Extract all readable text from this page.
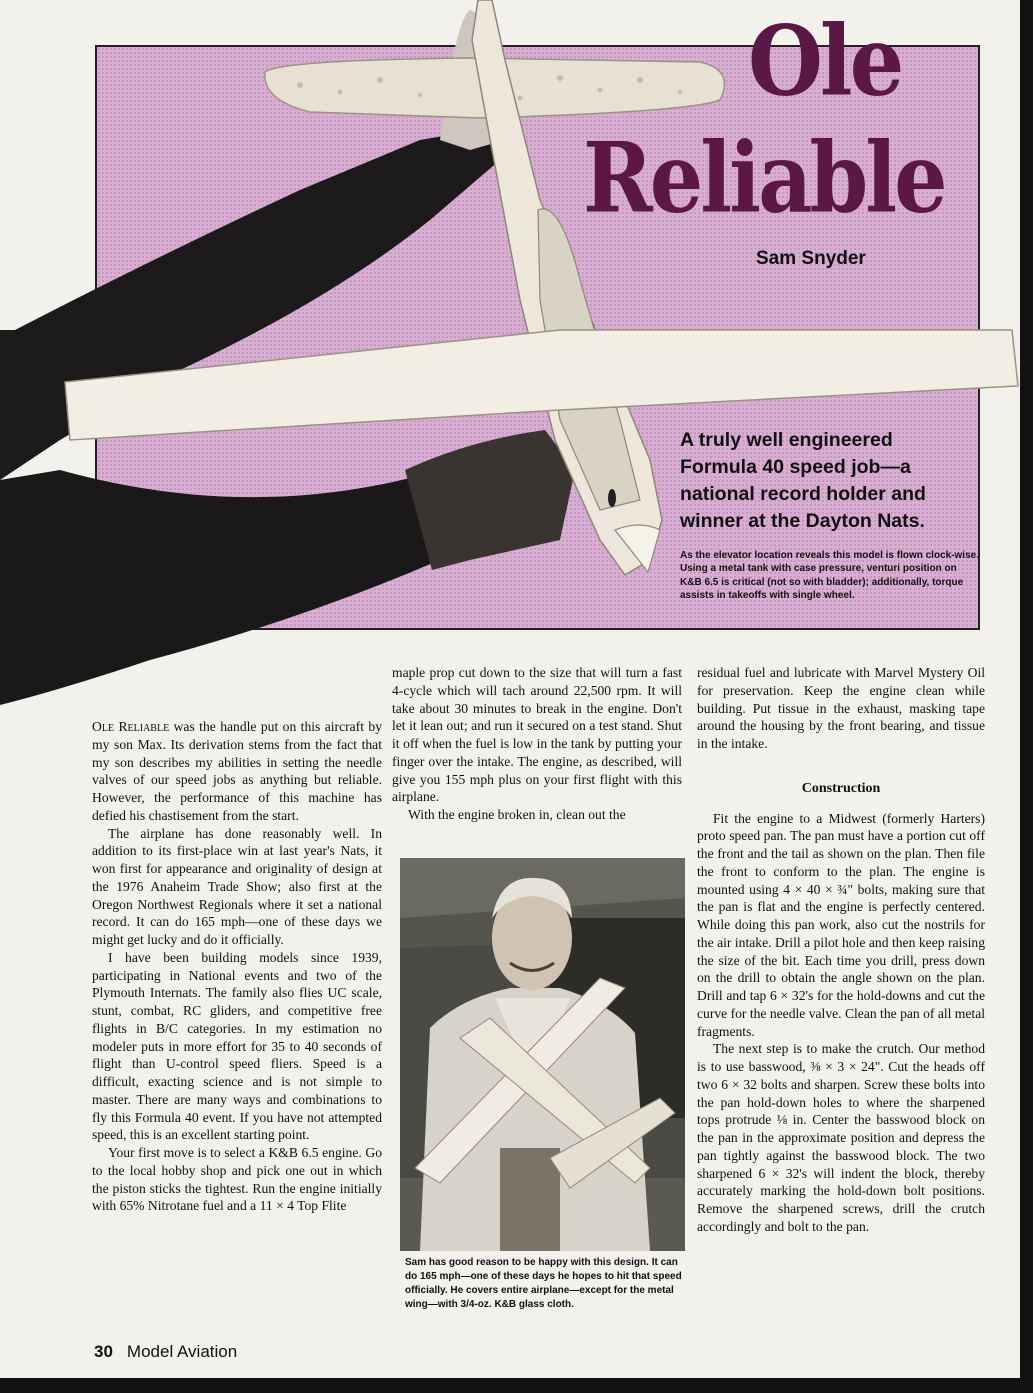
Ole
Reliable
Sam Snyder
A truly well engineered Formula 40 speed job—a national record holder and winner at the Dayton Nats.
As the elevator location reveals this model is flown clock-wise. Using a metal tank with case pressure, venturi position on K&B 6.5 is critical (not so with bladder); additionally, torque assists in takeoffs with single wheel.

Ole Reliable was the handle put on this aircraft by my son Max. Its derivation stems from the fact that my son describes my abilities in setting the needle valves of our speed jobs as anything but reliable. However, the performance of this machine has defied his chastisement from the start.

The airplane has done reasonably well. In addition to its first-place win at last year's Nats, it won first for appearance and originality of design at the 1976 Anaheim Trade Show; also first at the Oregon Northwest Regionals where it set a national record. It can do 165 mph—one of these days we might get lucky and do it officially.

I have been building models since 1939, participating in National events and two of the Plymouth Internats. The family also flies UC scale, stunt, combat, RC gliders, and competitive free flights in B/C categories. In my estimation no modeler puts in more effort for 35 to 40 seconds of flight than U-control speed fliers. Speed is a difficult, exacting science and is not simple to master. There are many ways and combinations to fly this Formula 40 event. If you have not attempted speed, this is an excellent starting point.

Your first move is to select a K&B 6.5 engine. Go to the local hobby shop and pick one out in which the piston sticks the tightest. Run the engine initially with 65% Nitrotane fuel and a 11 × 4 Top Flite

maple prop cut down to the size that will turn a fast 4-cycle which will tach around 22,500 rpm. It will take about 30 minutes to break in the engine. Don't let it lean out; and run it secured on a test stand. Shut it off when the fuel is low in the tank by putting your finger over the intake. The engine, as described, will give you 155 mph plus on your first flight with this airplane.

With the engine broken in, clean out the

Sam has good reason to be happy with this design. It can do 165 mph—one of these days he hopes to hit that speed officially. He covers entire airplane—except for the metal wing—with 3/4-oz. K&B glass cloth.

residual fuel and lubricate with Marvel Mystery Oil for preservation. Keep the engine clean while building. Put tissue in the exhaust, masking tape around the housing by the front bearing, and tissue in the intake.

Construction

Fit the engine to a Midwest (formerly Harters) proto speed pan. The pan must have a portion cut off the front and the tail as shown on the plan. Then file the front to conform to the plan. The engine is mounted using 4 × 40 × ¾" bolts, making sure that the pan is flat and the engine is perfectly centered. While doing this pan work, also cut the nostrils for the air intake. Drill a pilot hole and then keep raising the size of the bit. Each time you drill, press down on the drill to obtain the angle shown on the plan. Drill and tap 6 × 32's for the hold-downs and cut the curve for the needle valve. Clean the pan of all metal fragments.

The next step is to make the crutch. Our method is to use basswood, ⅜ × 3 × 24". Cut the heads off two 6 × 32 bolts and sharpen. Screw these bolts into the pan hold-down holes to where the sharpened tops protrude ⅛ in. Center the basswood block on the pan in the approximate position and depress the pan tightly against the basswood block. The two sharpened 6 × 32's will indent the block, thereby accurately marking the hold-down bolt positions. Remove the sharpened screws, drill the crutch accordingly and bolt to the pan.

30 Model Aviation
